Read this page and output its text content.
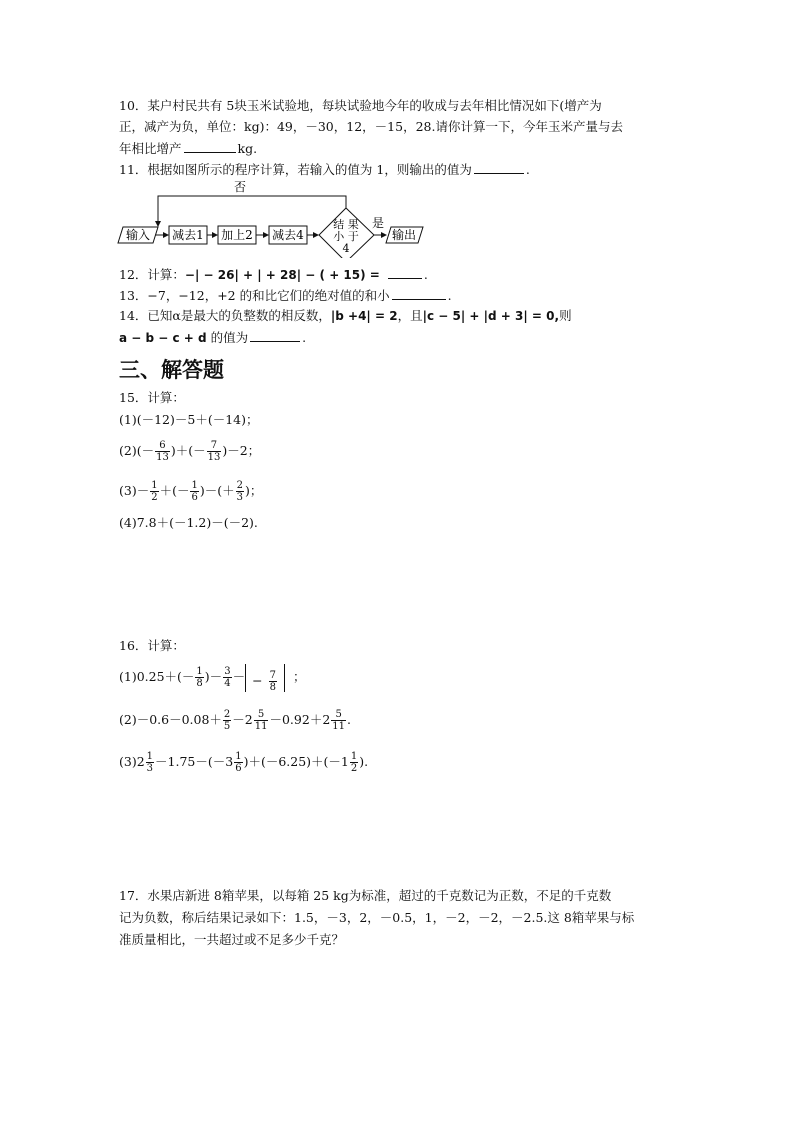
10．某户村民共有 5块玉米试验地，每块试验地今年的收成与去年相比情况如下(增产为
正，减产为负，单位：kg)：49，－30，12，－15，28.请你计算一下，今年玉米产量与去
年相比增产	kg.
11．根据如图所示的程序计算，若输入的值为 1，则输出的值为	.
否
输入 减去1 加上2 减去4
结 果
小 于
4
是
输出
12．计算：−| − 26| + | + 28| − ( + 15) =	.
13．−7，−12，+2 的和比它们的绝对值的和小	.
14．已知α是最大的负整数的相反数，|b +4| = 2，且|c − 5| + |d + 3| = 0,则
a − b − c + d 的值为	.
三、解答题
15．计算：
(1)(－12)－5＋(－14)；
$(2)(- \frac{6}{13}$ )＋(－ $\frac{7}{13} )-2$；
$(3)- \frac{1}{2}$ ＋(－ $\frac{1}{6}$ )－(＋ $\frac{2}{3}$ )；
(4)7.8＋(－1.2)－(－2).
16．计算：
$(1)0.25+(- \frac{1}{8}$ )－ $\frac{3}{4}$ － − $\frac{7}{8}$ ；
$(2)-0.6-0.08+ \frac{2}{5} -2 \frac{5}{11} -0.92+2 \frac{5}{11}$ .
$(3)2 \frac{1}{3} -1.75-(-3 \frac{1}{6} )+(-6.25)+(-1 \frac{1}{2}$ ).
17．水果店新进 8箱苹果，以每箱 25 kg为标准，超过的千克数记为正数，不足的千克数
记为负数，称后结果记录如下：1.5，－3，2，－0.5，1，－2，－2，－2.5.这 8箱苹果与标
准质量相比，一共超过或不足多少千克？
